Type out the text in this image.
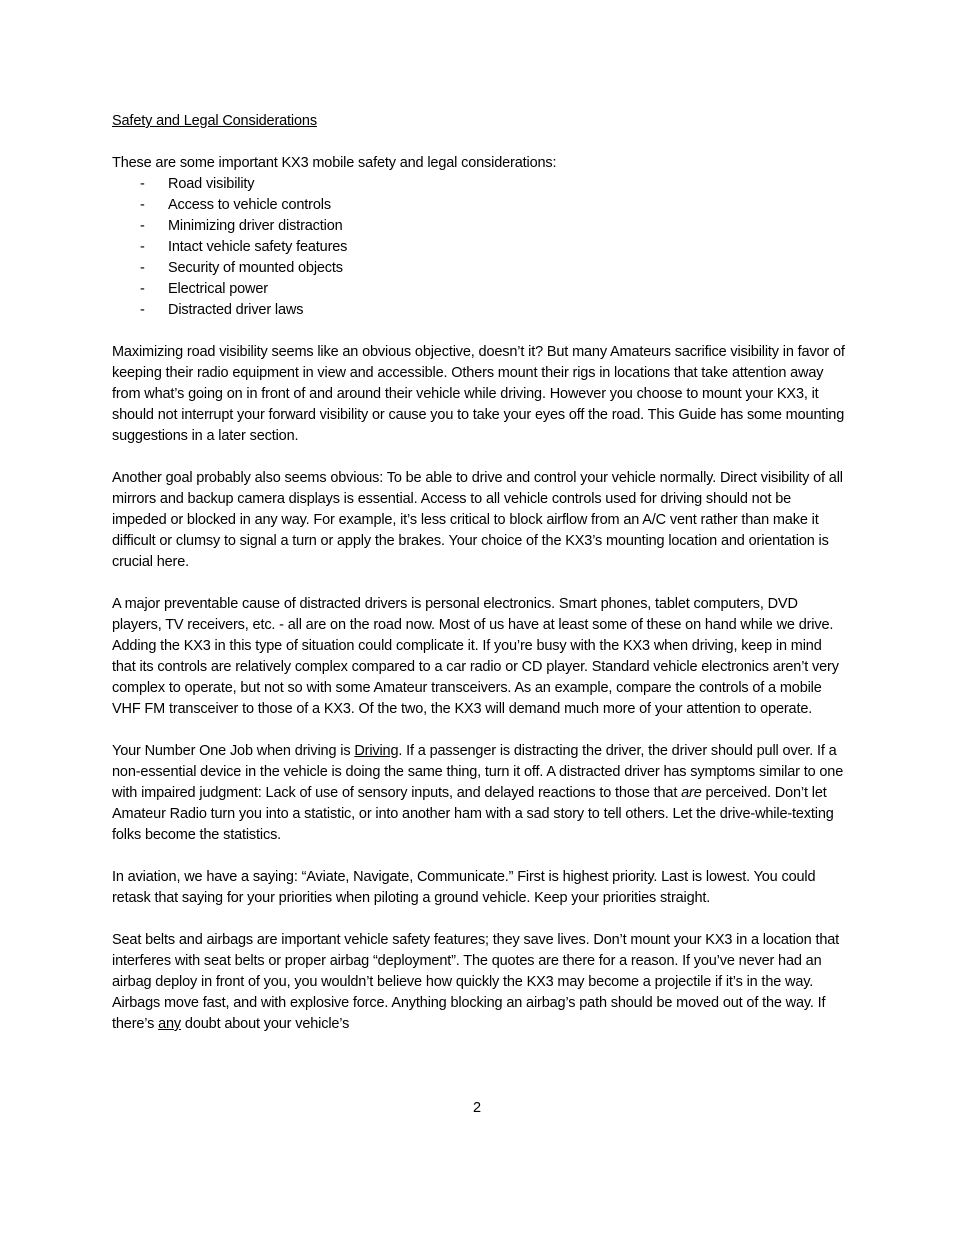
Safety and Legal Considerations
These are some important KX3 mobile safety and legal considerations:
- Road visibility
- Access to vehicle controls
- Minimizing driver distraction
- Intact vehicle safety features
- Security of mounted objects
- Electrical power
- Distracted driver laws

Maximizing road visibility seems like an obvious objective, doesn’t it? But many Amateurs sacrifice visibility in favor of keeping their radio equipment in view and accessible. Others mount their rigs in locations that take attention away from what’s going on in front of and around their vehicle while driving. However you choose to mount your KX3, it should not interrupt your forward visibility or cause you to take your eyes off the road. This Guide has some mounting suggestions in a later section.

Another goal probably also seems obvious: To be able to drive and control your vehicle normally. Direct visibility of all mirrors and backup camera displays is essential. Access to all vehicle controls used for driving should not be impeded or blocked in any way. For example, it’s less critical to block airflow from an A/C vent rather than make it difficult or clumsy to signal a turn or apply the brakes. Your choice of the KX3’s mounting location and orientation is crucial here.

A major preventable cause of distracted drivers is personal electronics. Smart phones, tablet computers, DVD players, TV receivers, etc. - all are on the road now. Most of us have at least some of these on hand while we drive. Adding the KX3 in this type of situation could complicate it. If you’re busy with the KX3 when driving, keep in mind that its controls are relatively complex compared to a car radio or CD player. Standard vehicle electronics aren’t very complex to operate, but not so with some Amateur transceivers. As an example, compare the controls of a mobile VHF FM transceiver to those of a KX3. Of the two, the KX3 will demand much more of your attention to operate.

Your Number One Job when driving is Driving. If a passenger is distracting the driver, the driver should pull over. If a non-essential device in the vehicle is doing the same thing, turn it off. A distracted driver has symptoms similar to one with impaired judgment: Lack of use of sensory inputs, and delayed reactions to those that are perceived. Don’t let Amateur Radio turn you into a statistic, or into another ham with a sad story to tell others. Let the drive-while-texting folks become the statistics.

In aviation, we have a saying: “Aviate, Navigate, Communicate.” First is highest priority. Last is lowest. You could retask that saying for your priorities when piloting a ground vehicle. Keep your priorities straight.

Seat belts and airbags are important vehicle safety features; they save lives. Don’t mount your KX3 in a location that interferes with seat belts or proper airbag “deployment”. The quotes are there for a reason. If you’ve never had an airbag deploy in front of you, you wouldn’t believe how quickly the KX3 may become a projectile if it’s in the way. Airbags move fast, and with explosive force. Anything blocking an airbag’s path should be moved out of the way. If there’s any doubt about your vehicle’s

2
